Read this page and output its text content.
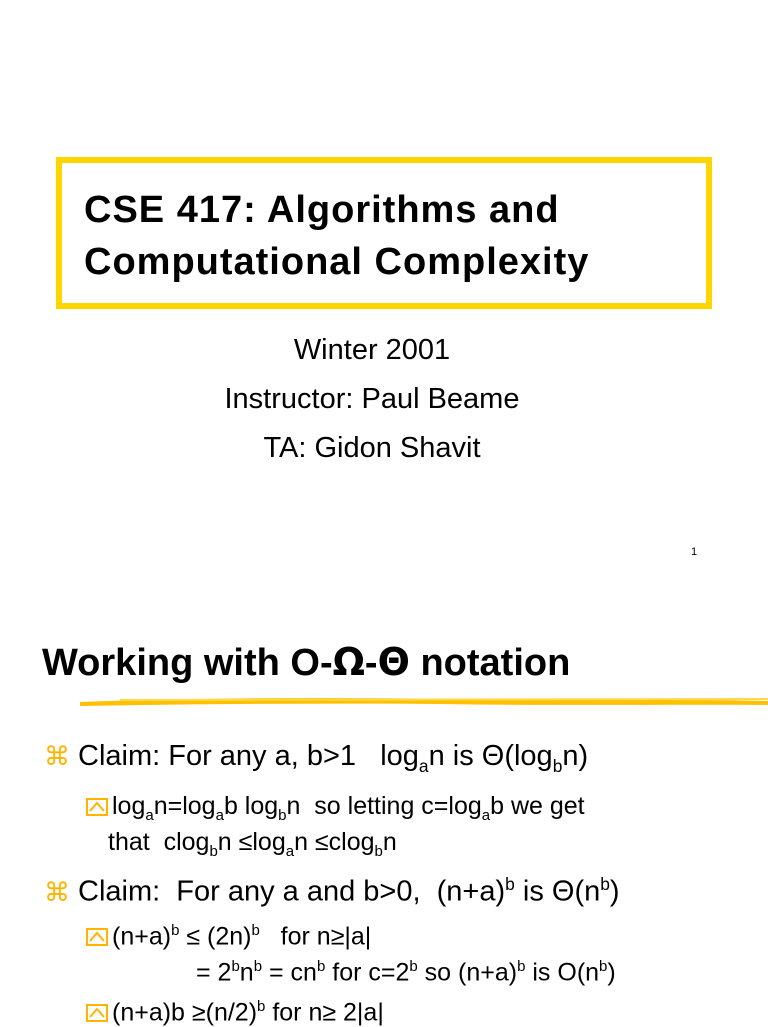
CSE 417: Algorithms and
Computational Complexity
Winter 2001
Instructor: Paul Beame
TA: Gidon Shavit
1
Working with O-Ω-Θ notation
⌘ Claim: For any a, b>1   $\log_an$ is $\Theta(\log_bn)$
$\log_an=\log_ab$ $\log_bn$  so letting $c=\log_ab$ we get
that  $clog_bn \le\log_an \le clog_bn$
⌘ Claim:  For any a and b>0,  $(n+a)^b$ is $\Theta(n^b)$
$(n+a)^b \le (2n)^b$   for n≥|a|
= $2^bn^b = cn^b$ for $c=2^b$ so $(n+a)^b$ is $O(n^b)$
$(n+a)b \ge(n/2)^b$ for n≥ 2|a|
